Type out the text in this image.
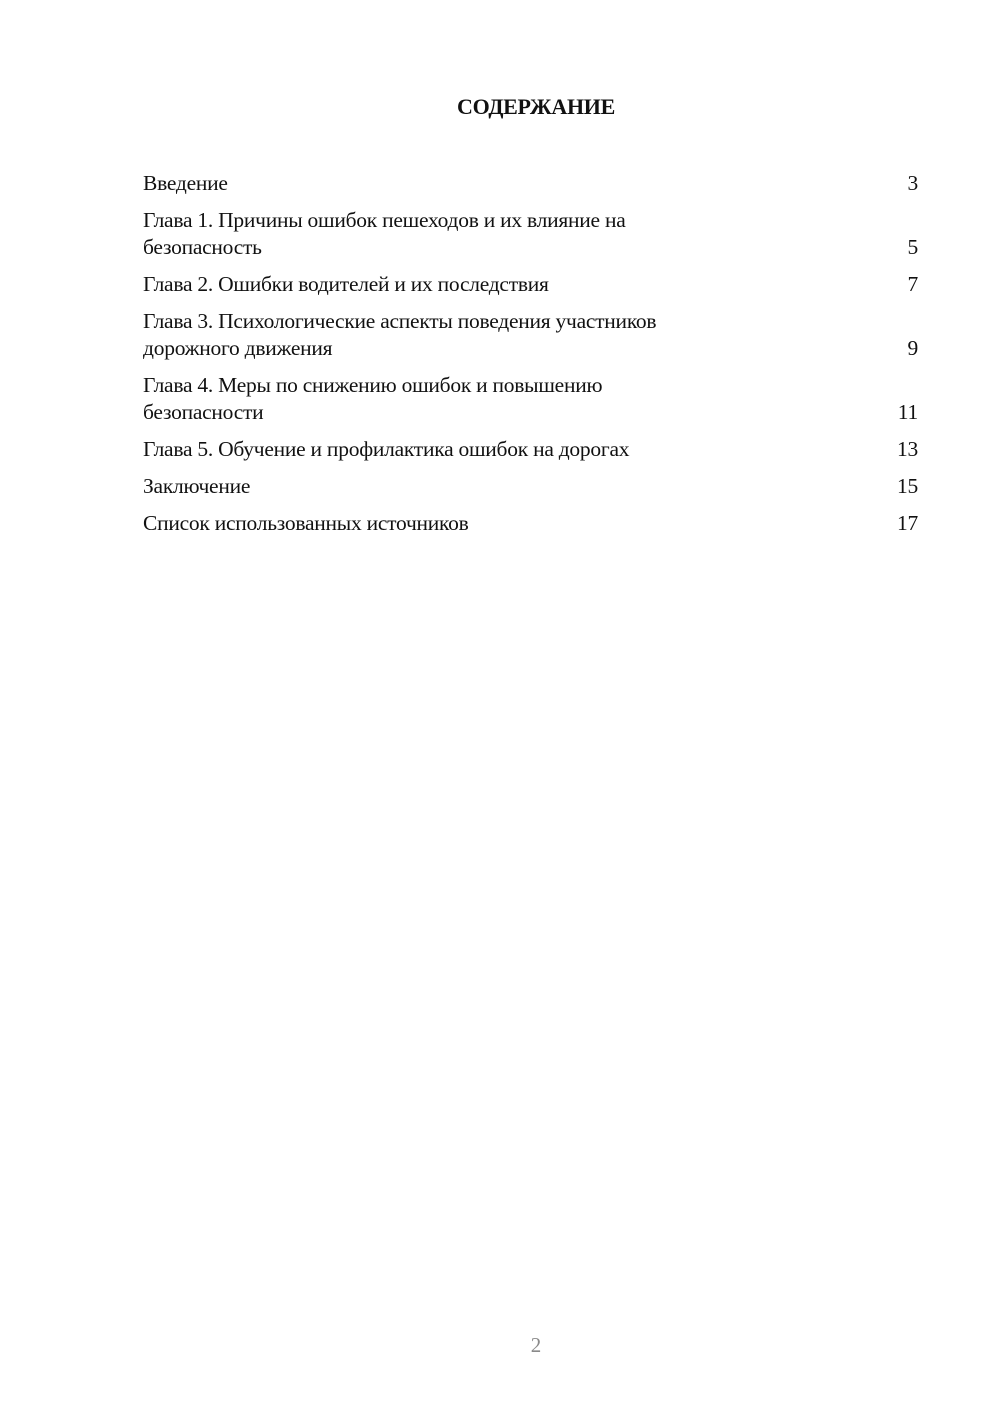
СОДЕРЖАНИЕ
Введение	3
Глава 1. Причины ошибок пешеходов и их влияние на
безопасность	5
Глава 2. Ошибки водителей и их последствия	7
Глава 3. Психологические аспекты поведения участников
дорожного движения	9
Глава 4. Меры по снижению ошибок и повышению
безопасности	11
Глава 5. Обучение и профилактика ошибок на дорогах	13
Заключение	15
Список использованных источников	17
2
